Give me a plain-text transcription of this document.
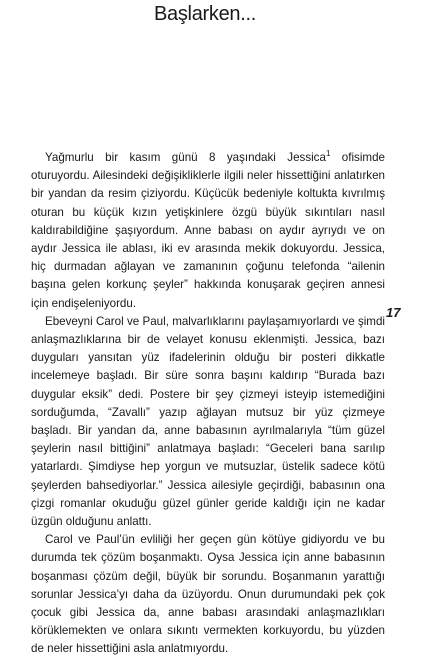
Başlarken...

Yağmurlu bir kasım günü 8 yaşındaki Jessica$^1$ ofisimde oturuyordu. Ailesindeki değişikliklerle ilgili neler hissettiğini anlatırken bir yandan da resim çiziyordu. Küçücük bedeniyle koltukta kıvrılmış oturan bu küçük kızın yetişkinlere özgü büyük sıkıntıları nasıl kaldırabildiğine şaşıyordum. Anne babası on aydır ayrıydı ve on aydır Jessica ile ablası, iki ev arasında mekik dokuyordu. Jessica, hiç durmadan ağlayan ve zamanının çoğunu telefonda “ailenin başına gelen korkunç şeyler” hakkında konuşarak geçiren annesi için endişeleniyordu.

Ebeveyni Carol ve Paul, malvarlıklarını paylaşamıyorlardı ve şimdi anlaşmazlıklarına bir de velayet konusu eklenmişti. Jessica, bazı duyguları yansıtan yüz ifadelerinin olduğu bir posteri dikkatle incelemeye başladı. Bir süre sonra başını kaldırıp “Burada bazı duygular eksik” dedi. Postere bir şey çizmeyi isteyip istemediğini sorduğumda, “Zavallı” yazıp ağlayan mutsuz bir yüz çizmeye başladı. Bir yandan da, anne babasının ayrılmalarıyla “tüm güzel şeylerin nasıl bittiğini” anlatmaya başladı: “Geceleri bana sarılıp yatarlardı. Şimdiyse hep yorgun ve mutsuzlar, üstelik sadece kötü şeylerden bahsediyorlar.” Jessica ailesiyle geçirdiği, babasının ona çizgi romanlar okuduğu güzel günler geride kaldığı için ne kadar üzgün olduğunu anlattı.

Carol ve Paul’ün evliliği her geçen gün kötüye gidiyordu ve bu durumda tek çözüm boşanmaktı. Oysa Jessica için anne babasının boşanması çözüm değil, büyük bir sorundu. Boşanmanın yarattığı sorunlar Jessica’yı daha da üzüyordu. Onun durumundaki pek çok çocuk gibi Jessica da, anne babası arasındaki anlaşmazlıkları körüklemekten ve onlara sıkıntı vermekten korkuyordu, bu yüzden de neler hissettiğini asla anlatmıyordu.

17
